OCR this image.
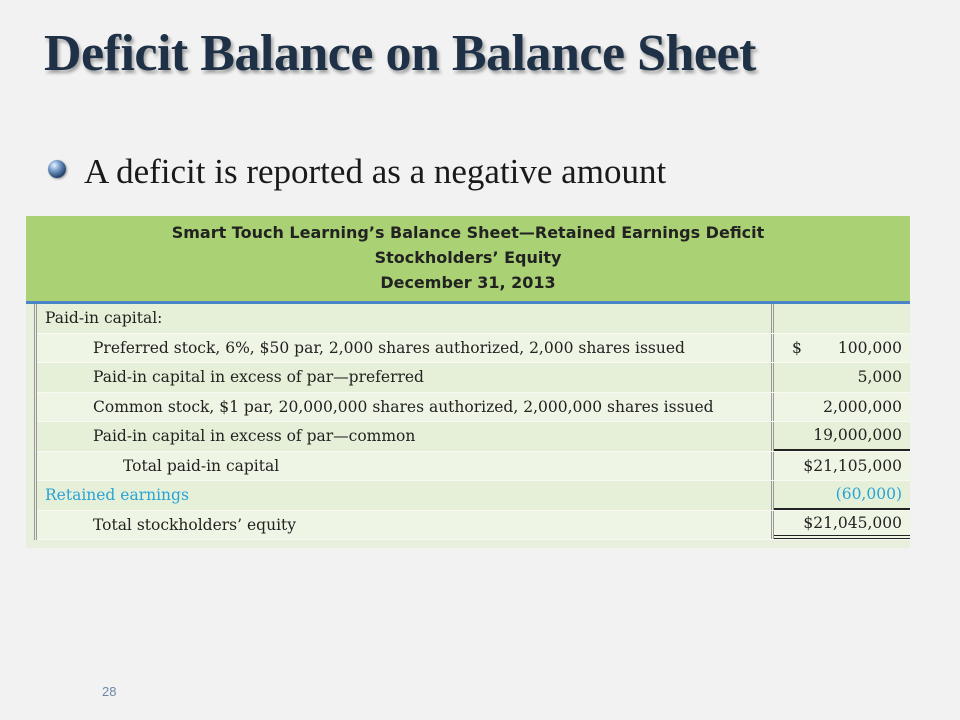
Deficit Balance on Balance Sheet
A deficit is reported as a negative amount
Smart Touch Learning’s Balance Sheet—Retained Earnings Deficit
Stockholders’ Equity
December 31, 2013
Paid-in capital:
Preferred stock, 6%, $50 par, 2,000 shares authorized, 2,000 shares issued	$ 100,000
Paid-in capital in excess of par—preferred	5,000
Common stock, $1 par, 20,000,000 shares authorized, 2,000,000 shares issued	2,000,000
Paid-in capital in excess of par—common	19,000,000
Total paid-in capital	$21,105,000
Retained earnings	(60,000)
Total stockholders’ equity	$21,045,000
28
